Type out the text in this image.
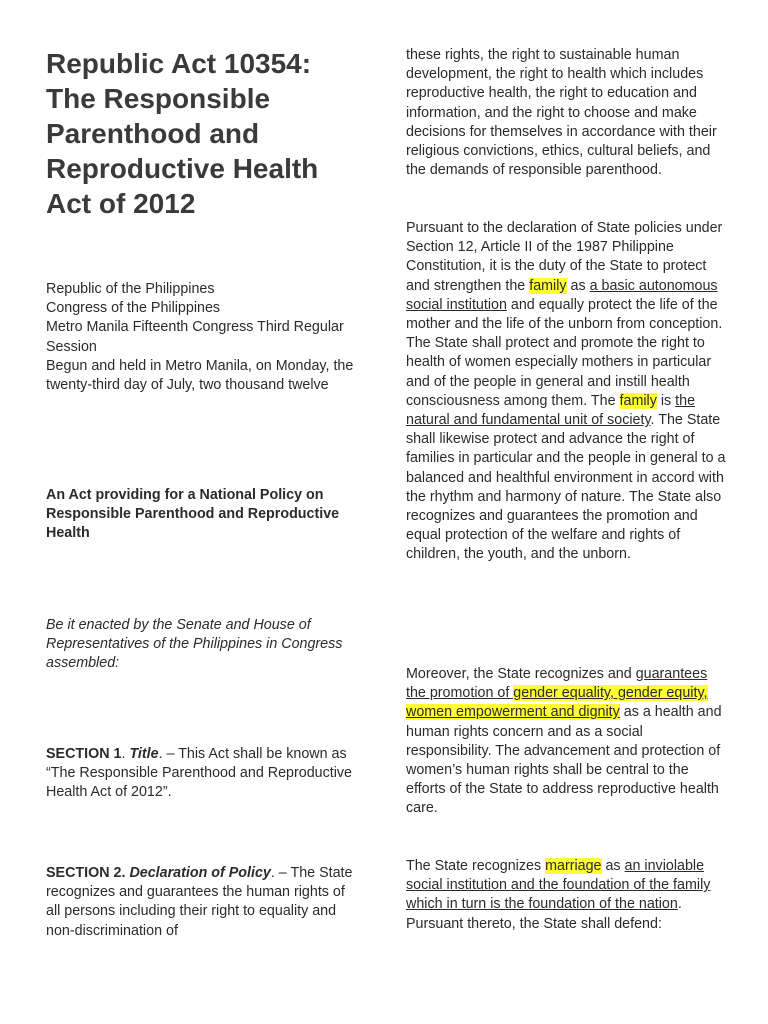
Republic Act 10354: The Responsible Parenthood and Reproductive Health Act of 2012

Republic of the Philippines

Congress of the Philippines

Metro Manila Fifteenth Congress Third Regular Session

Begun and held in Metro Manila, on Monday, the twenty-third day of July, two thousand twelve

An Act providing for a National Policy on Responsible Parenthood and Reproductive Health

Be it enacted by the Senate and House of Representatives of the Philippines in Congress assembled:

SECTION 1. Title. – This Act shall be known as “The Responsible Parenthood and Reproductive Health Act of 2012”.

SECTION 2. Declaration of Policy. – The State recognizes and guarantees the human rights of all persons including their right to equality and non-discrimination of

these rights, the right to sustainable human development, the right to health which includes reproductive health, the right to education and information, and the right to choose and make decisions for themselves in accordance with their religious convictions, ethics, cultural beliefs, and the demands of responsible parenthood.

Pursuant to the declaration of State policies under Section 12, Article II of the 1987 Philippine Constitution, it is the duty of the State to protect and strengthen the family as a basic autonomous social institution and equally protect the life of the mother and the life of the unborn from conception. The State shall protect and promote the right to health of women especially mothers in particular and of the people in general and instill health consciousness among them. The family is the natural and fundamental unit of society. The State shall likewise protect and advance the right of families in particular and the people in general to a balanced and healthful environment in accord with the rhythm and harmony of nature. The State also recognizes and guarantees the promotion and equal protection of the welfare and rights of children, the youth, and the unborn.

Moreover, the State recognizes and guarantees the promotion of gender equality, gender equity, women empowerment and dignity as a health and human rights concern and as a social responsibility. The advancement and protection of women’s human rights shall be central to the efforts of the State to address reproductive health care.

The State recognizes marriage as an inviolable social institution and the foundation of the family which in turn is the foundation of the nation. Pursuant thereto, the State shall defend:
